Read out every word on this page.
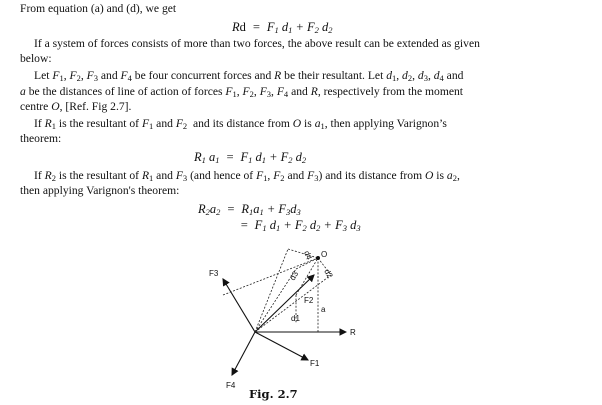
From equation (a) and (d), we get
$Rd = F_1$ $d_1 + F_2$ $d_2$
If a system of forces consists of more than two forces, the above result can be extended as given
below:
Let $F_1$, $F_2$, $F_3$ and $F_4$ be four concurrent forces and R be their resultant. Let $d_1$, $d_2$, $d_3$, $d_4$ and
a be the distances of line of action of forces $F_1$, $F_2$, $F_3$, $F_4$ and R, respectively from the moment
centre O, [Ref. Fig 2.7].
If $R_1$ is the resultant of $F_1$ and $F_2$  and its distance from O is $a_1$, then applying Varignon’s
theorem:
$R_1$ $a_1 = F_1$ $d_1 + F_2$ $d_2$
If $R_2$ is the resultant of $R_1$ and $F_3$ (and hence of $F_1$, $F_2$ and $F_3$) and its distance from O is $a_2$,
then applying Varignon's theorem:
$R_2a_2 = R_1a_1 + F_3d_3$
=  $F_1$ $d_1 + F_2$ $d_2 + F_3$ $d_3$
F3
F4
F1
R
F2
O
a
d1
d2
d3
d4
Fig. 2.7
